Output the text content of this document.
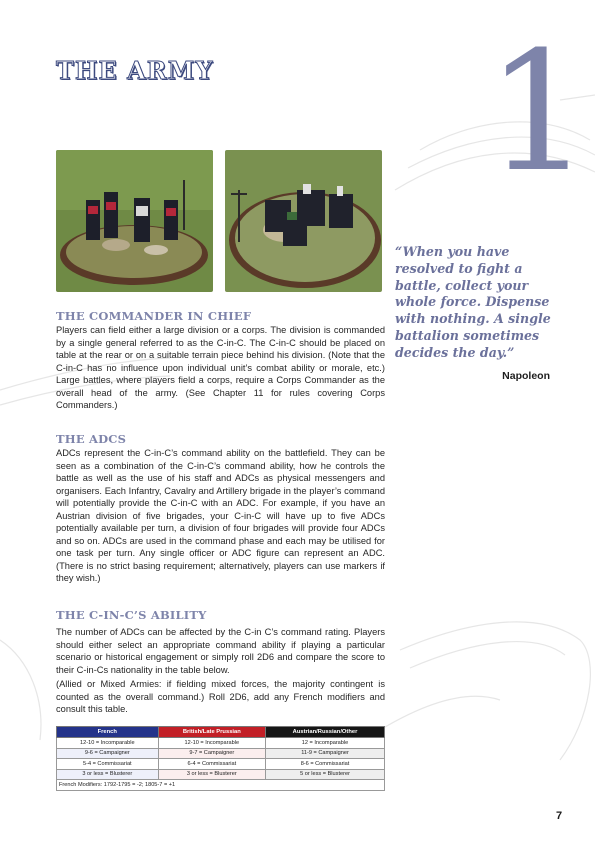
THE ARMY 1
“When you have resolved to fight a battle, collect your whole force. Dispense with nothing. A single battalion sometimes decides the day.”
Napoleon
THE COMMANDER IN CHIEF

Players can field either a large division or a corps. The division is commanded by a single general referred to as the C-in-C. The C-in-C should be placed on table at the rear or on a suitable terrain piece behind his division. (Note that the C-in-C has no influence upon individual unit’s combat ability or morale, etc.) Large battles, where players field a corps, require a Corps Commander as the overall head of the army. (See Chapter 11 for rules covering Corps Commanders.)

THE ADCS

ADCs represent the C-in-C’s command ability on the battlefield. They can be seen as a combination of the C-in-C’s command ability, how he controls the battle as well as the use of his staff and ADCs as physical messengers and organisers. Each Infantry, Cavalry and Artillery brigade in the player’s command will potentially provide the C-in-C with an ADC. For example, if you have an Austrian division of five brigades, your C-in-C will have up to five ADCs potentially available per turn, a division of four brigades will provide four ADCs and so on. ADCs are used in the command phase and each may be utilised for one task per turn. Any single officer or ADC figure can represent an ADC. (There is no strict basing requirement; alternatively, players can use markers if they wish.)

THE C-IN-C’S ABILITY

The number of ADCs can be affected by the C-in C’s command rating. Players should either select an appropriate command ability if playing a particular scenario or historical engagement or simply roll 2D6 and compare the score to their C-in-Cs nationality in the table below.

(Allied or Mixed Armies: if fielding mixed forces, the majority contingent is counted as the overall command.) Roll 2D6, add any French modifiers and consult this table.

French	British/Late Prussian	Austrian/Russian/Other
12-10 = Incomparable	12-10 = Incomparable	12 = Incomparable
9-6 = Campaigner	9-7 = Campaigner	11-9 = Campaigner
5-4 = Commissariat	6-4 = Commissariat	8-6 = Commissariat
3 or less = Blusterer	3 or less = Blusterer	5 or less = Blusterer
French Modifiers: 1792-1795 = -2; 1805-7 = +1		
7
